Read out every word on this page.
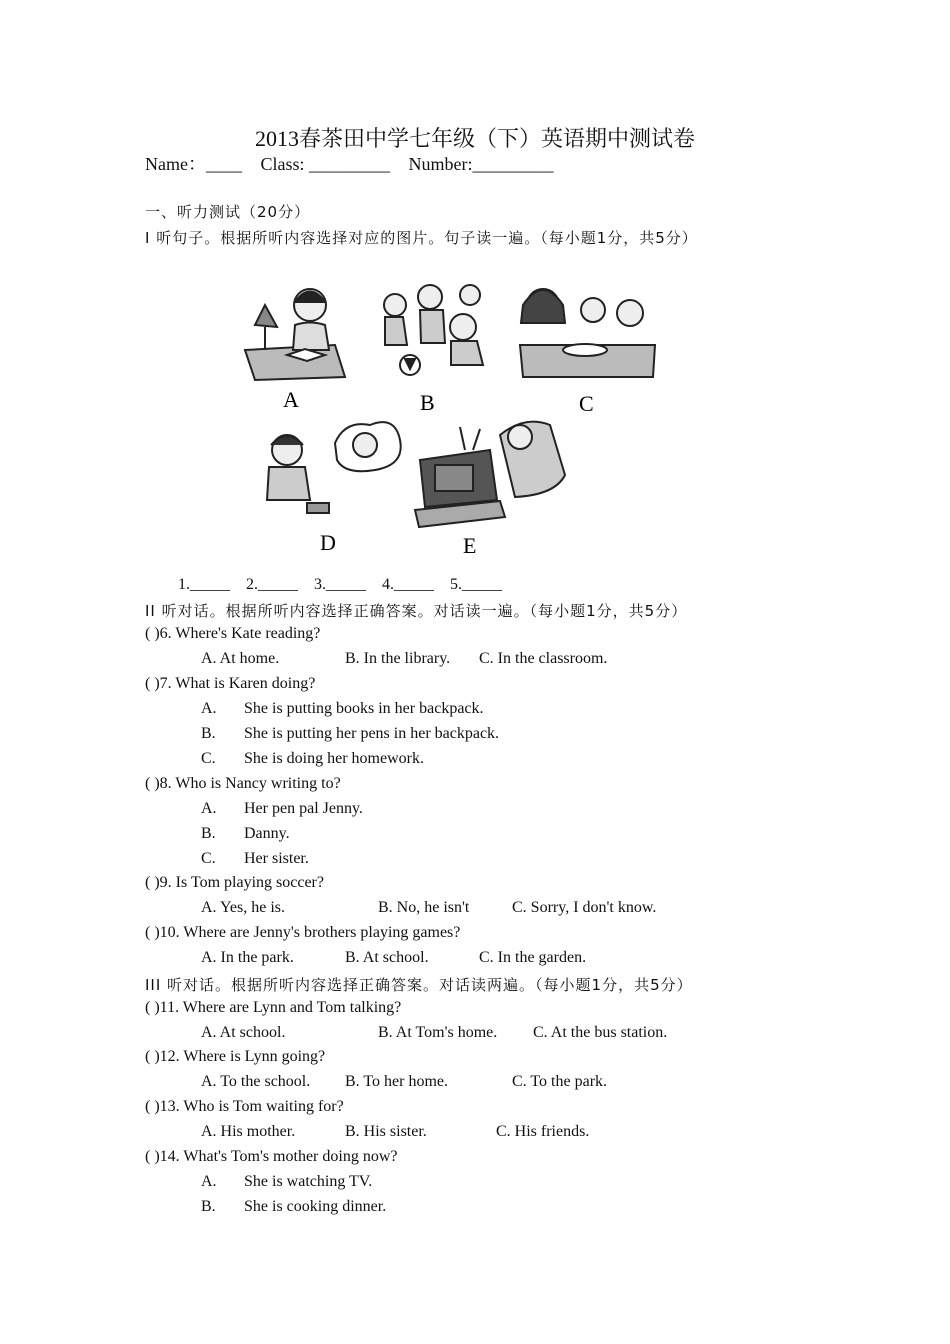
2013春茶田中学七年级（下）英语期中测试卷
Name：____ Class: _________ Number:_________
一、听力测试（20分）
I 听句子。根据所听内容选择对应的图片。句子读一遍。（每小题1分，共5分）
A	B	C
D	E
1._____ 2._____ 3._____ 4._____ 5._____
II 听对话。根据所听内容选择正确答案。对话读一遍。（每小题1分，共5分）
( )6. Where's Kate reading?
A. At home.	B. In the library. C. In the classroom.
( )7. What is Karen doing?
A. She is putting books in her backpack.
B. She is putting her pens in her backpack.
C. She is doing her homework.
( )8. Who is Nancy writing to?
A. Her pen pal Jenny.
B. Danny.
C. Her sister.
( )9. Is Tom playing soccer?
A. Yes, he is.	B. No, he isn't	C. Sorry, I don't know.
( )10. Where are Jenny's brothers playing games?
A. In the park.	B. At school.	C. In the garden.
III 听对话。根据所听内容选择正确答案。对话读两遍。（每小题1分，共5分）
( )11. Where are Lynn and Tom talking?
A. At school.	B. At Tom's home. C. At the bus station.
( )12. Where is Lynn going?
A. To the school. B. To her home.	C. To the park.
( )13. Who is Tom waiting for?
A. His mother.	B. His sister.	C. His friends.
( )14. What's Tom's mother doing now?
A. She is watching TV.
B. She is cooking dinner.
